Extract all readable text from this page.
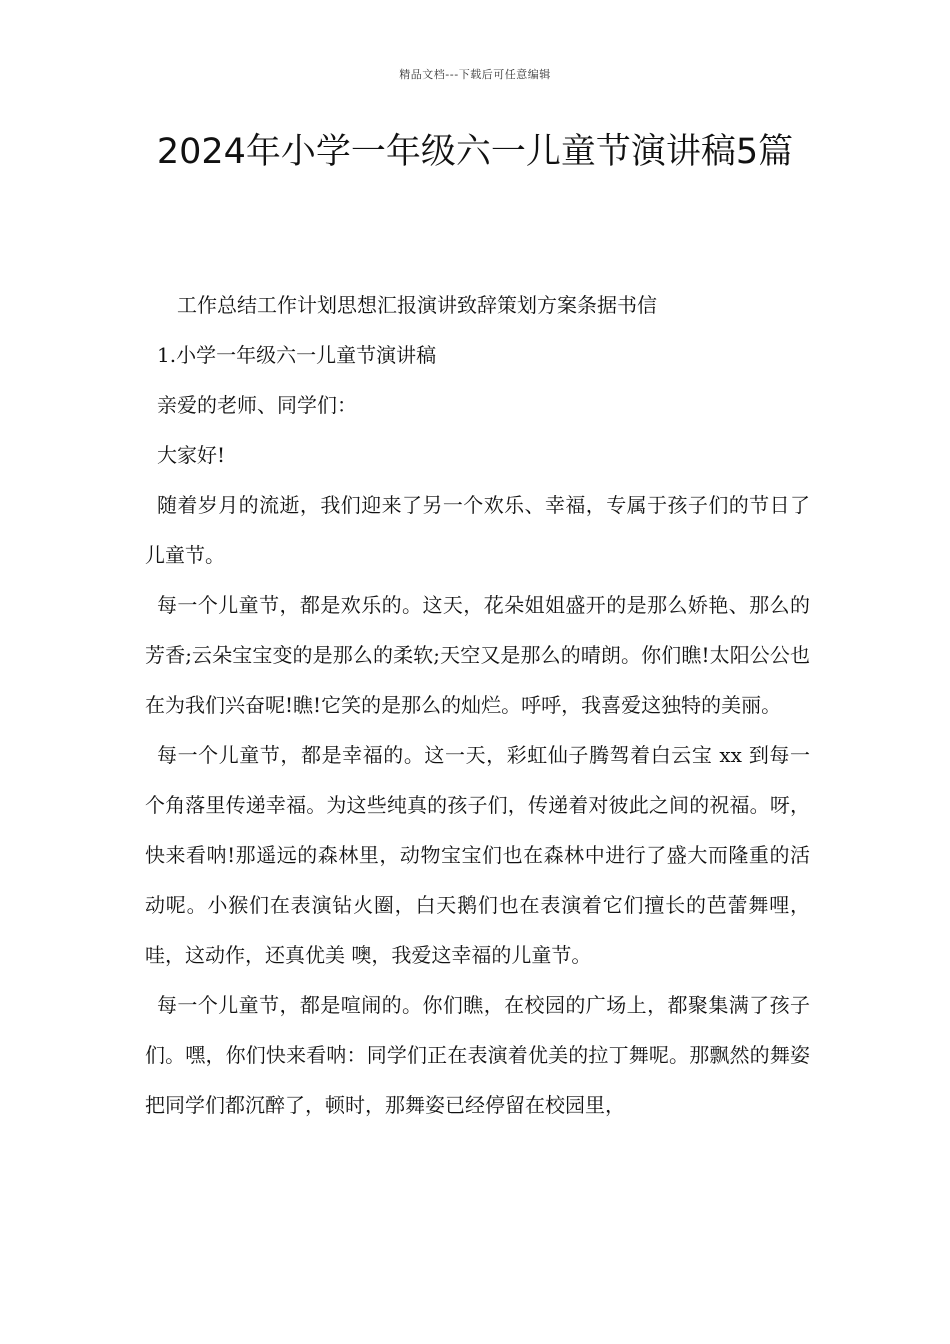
精品文档---下载后可任意编辑
2024年小学一年级六一儿童节演讲稿5篇

工作总结工作计划思想汇报演讲致辞策划方案条据书信

1.小学一年级六一儿童节演讲稿

亲爱的老师、同学们：

大家好!

随着岁月的流逝，我们迎来了另一个欢乐、幸福，专属于孩子们的节日了 儿童节。

每一个儿童节，都是欢乐的。这天，花朵姐姐盛开的是那么娇艳、那么的芳香;云朵宝宝变的是那么的柔软;天空又是那么的晴朗。你们瞧!太阳公公也在为我们兴奋呢!瞧!它笑的是那么的灿烂。呼呼，我喜爱这独特的美丽。

每一个儿童节，都是幸福的。这一天，彩虹仙子腾驾着白云宝 xx 到每一个角落里传递幸福。为这些纯真的孩子们，传递着对彼此之间的祝福。呀，快来看呐!那遥远的森林里，动物宝宝们也在森林中进行了盛大而隆重的活动呢。小猴们在表演钻火圈，白天鹅们也在表演着它们擅长的芭蕾舞哩，哇，这动作，还真优美 噢，我爱这幸福的儿童节。

每一个儿童节，都是喧闹的。你们瞧，在校园的广场上，都聚集满了孩子们。嘿，你们快来看呐：同学们正在表演着优美的拉丁舞呢。那飘然的舞姿把同学们都沉醉了，顿时，那舞姿已经停留在校园里，
